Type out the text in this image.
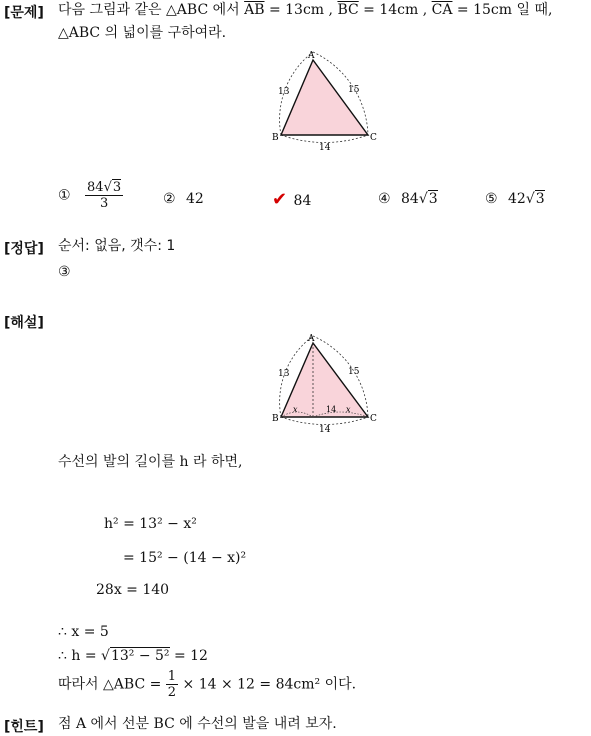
[문제] 다음 그림과 같은 △ABC 에서 $\overline{AB} = 13cm$ , $\overline{BC} = 14cm$ , $\overline{CA} = 15cm$ 일 때,
△ABC 의 넓이를 구하여라.
A
B	C
13	15
14
① $\frac{84√3}{3}$	② 42	✔ 84	④ 84√3	⑤ 42√3
[정답] 순서: 없음, 갯수: 1
③
[해설]
A
B	C
13	15
14
x	14 x
수선의 발의 길이를 h 라 하면,
h² = 13² − x²
= 15² − (14 − x)²
28x = 140
∴ x = 5
∴ h = √13² − 5² = 12
따라서 △ABC = $\frac{1}{2} \times 14 \times 12 = 84cm^2$ 이다.
[힌트] 점 A 에서 선분 BC 에 수선의 발을 내려 보자.
